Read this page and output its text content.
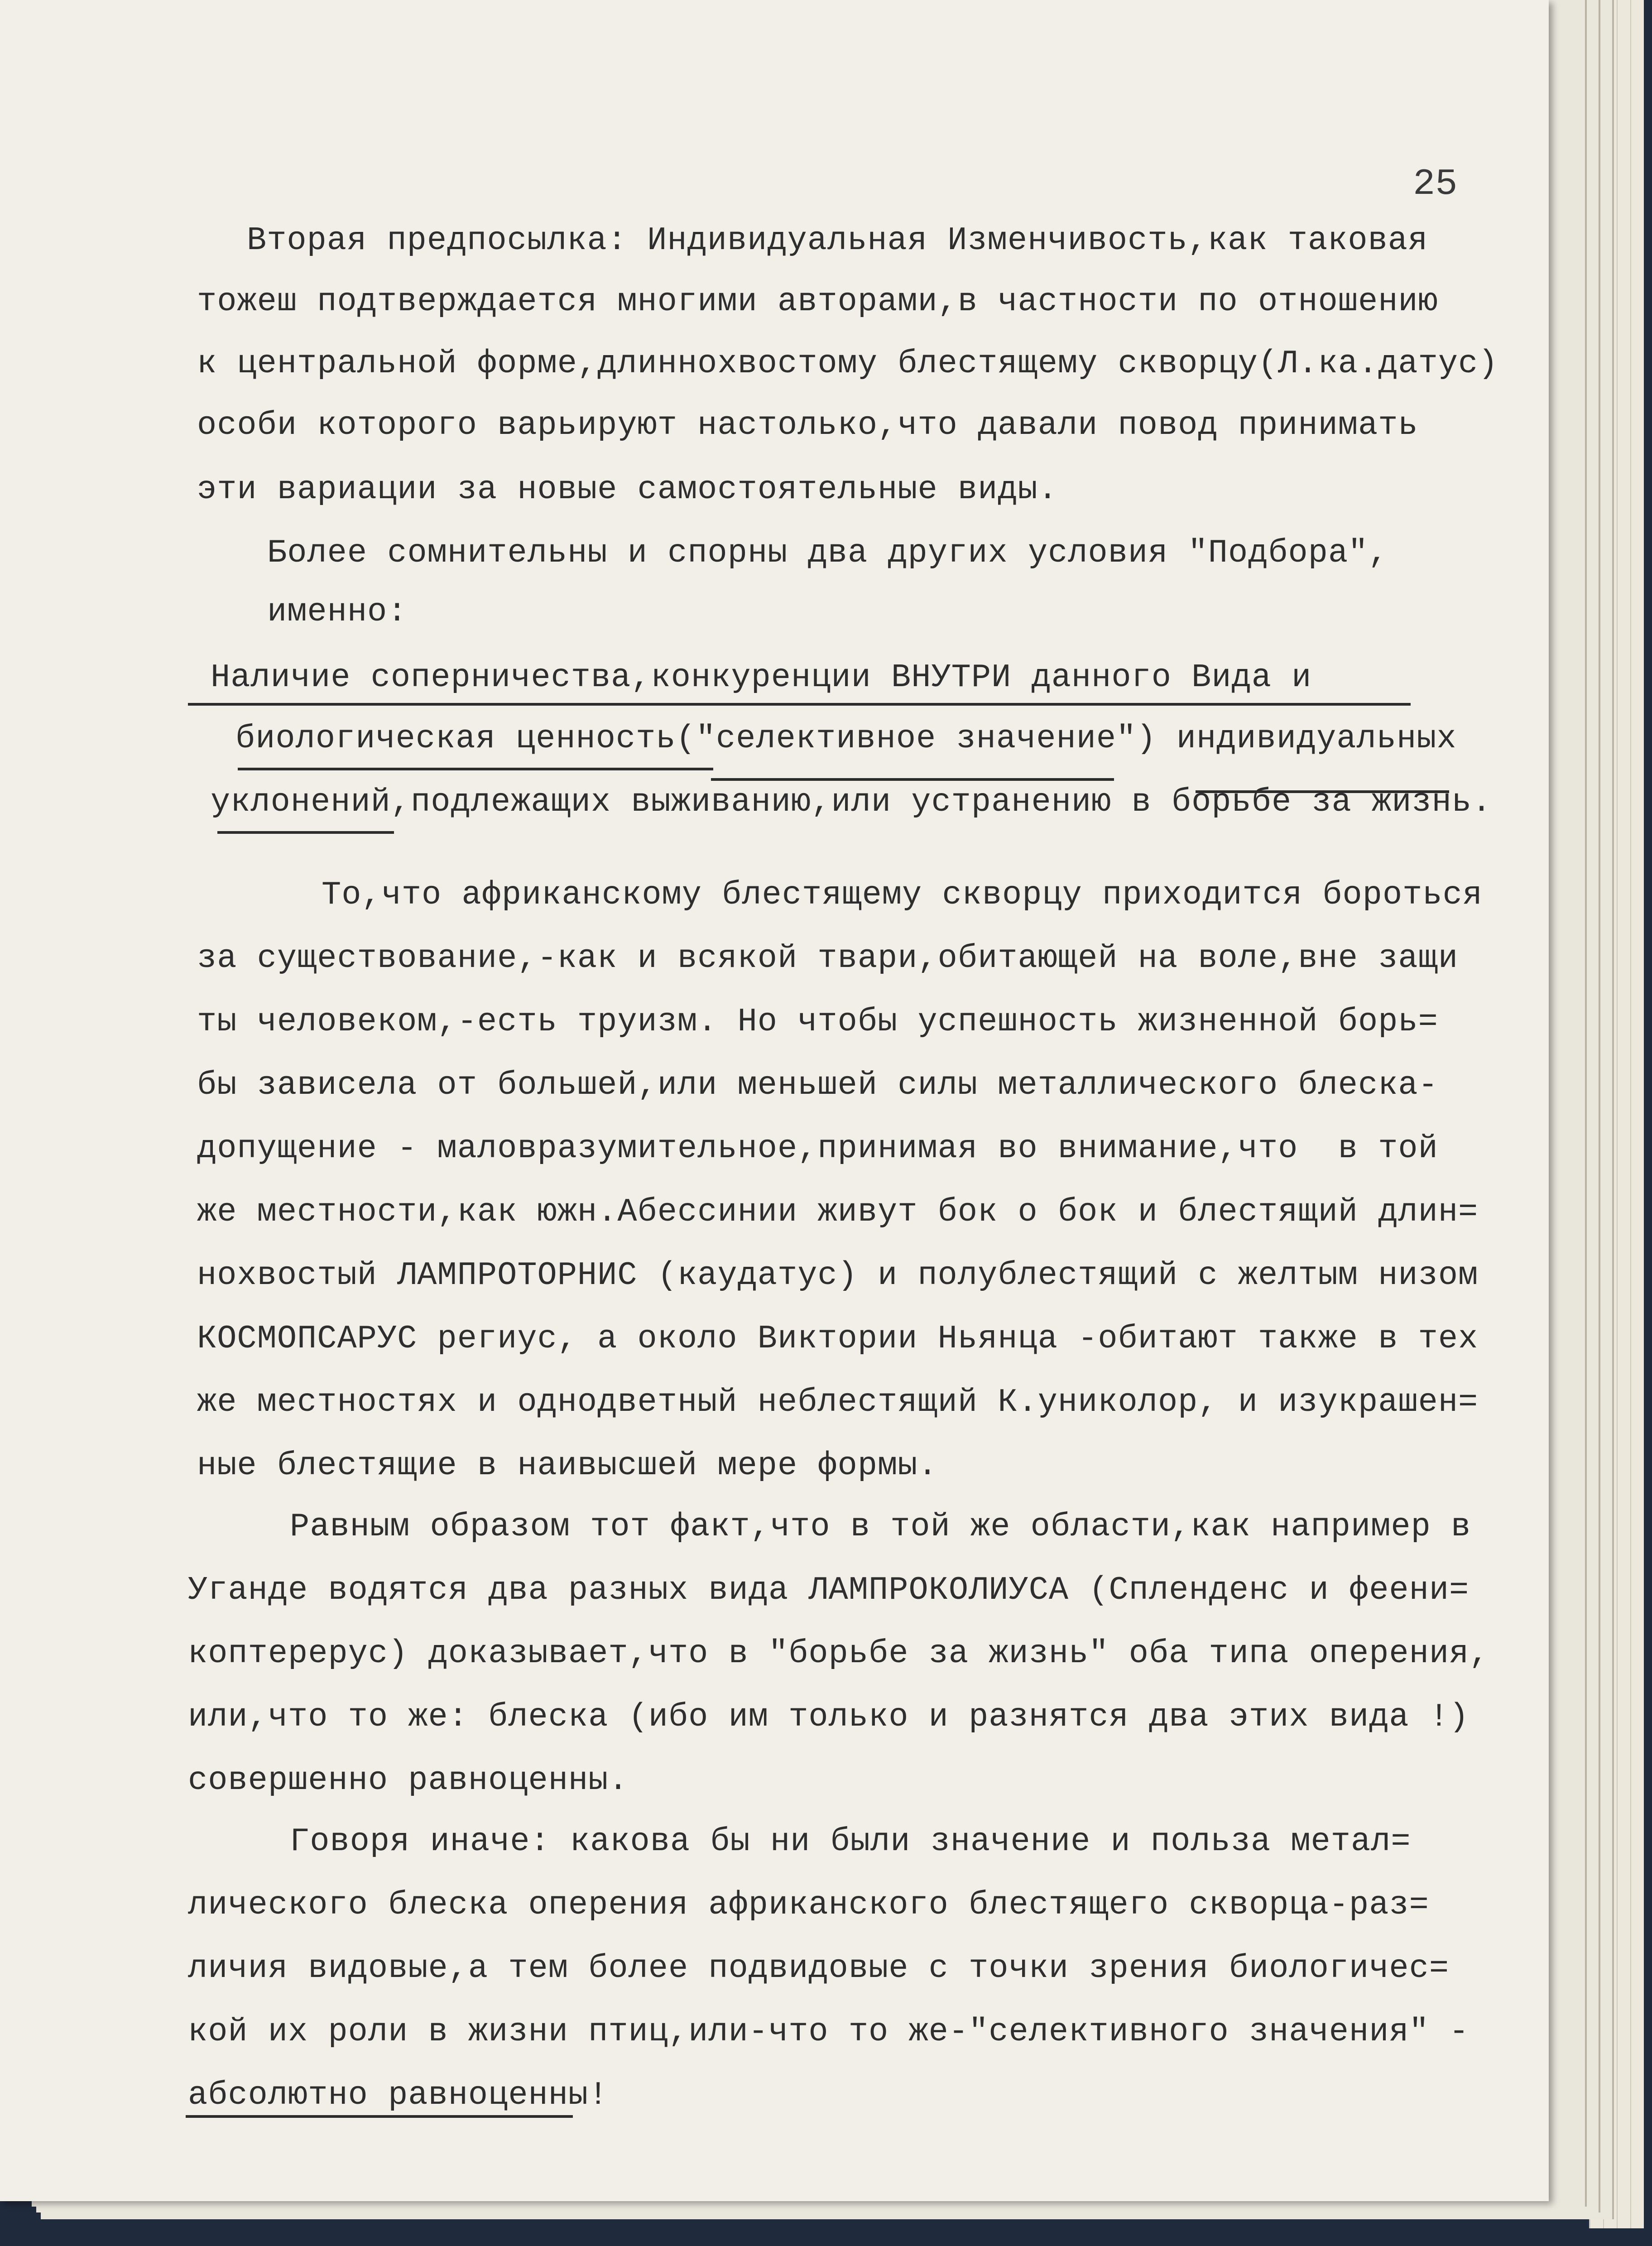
25
Вторая предпосылка: Индивидуальная Изменчивость,как таковая
тожеш подтверждается многими авторами,в частности по отношению
к центральной форме,длиннохвостому блестящему скворцу(Л.ка.датус)
особи которого варьируют настолько,что давали повод принимать
эти вариации за новые самостоятельные виды.
Более сомнительны и спорны два других условия "Подбора",
именно:
Наличие соперничества,конкуренции ВНУТРИ данного Вида и
биологическая ценность("селективное значение") индивидуальных
уклонений,подлежащих выживанию,или устранению в борьбе за жизнь.
То,что африканскому блестящему скворцу приходится бороться
за существование,-как и всякой твари,обитающей на воле,вне защи
ты человеком,-есть труизм. Но чтобы успешность жизненной борь=
бы зависела от большей,или меньшей силы металлического блеска-
допущение - маловразумительное,принимая во внимание,что  в той
же местности,как южн.Абессинии живут бок о бок и блестящий длин=
нохвостый ЛАМПРОТОРНИС (каудатус) и полублестящий с желтым низом
КОСМОПСАРУС региус, а около Виктории Ньянца -обитают также в тех
же местностях и однодветный неблестящий К.униколор, и изукрашен=
ные блестящие в наивысшей мере формы.
Равным образом тот факт,что в той же области,как например в
Уганде водятся два разных вида ЛАМПРОКОЛИУСА (Спленденс и феени=
коптерерус) доказывает,что в "борьбе за жизнь" оба типа оперения,
или,что то же: блеска (ибо им только и разнятся два этих вида !)
совершенно равноценны.
Говоря иначе: какова бы ни были значение и польза метал=
лического блеска оперения африканского блестящего скворца-раз=
личия видовые,а тем более подвидовые с точки зрения биологичес=
кой их роли в жизни птиц,или-что то же-"селективного значения" -
абсолютно равноценны!
